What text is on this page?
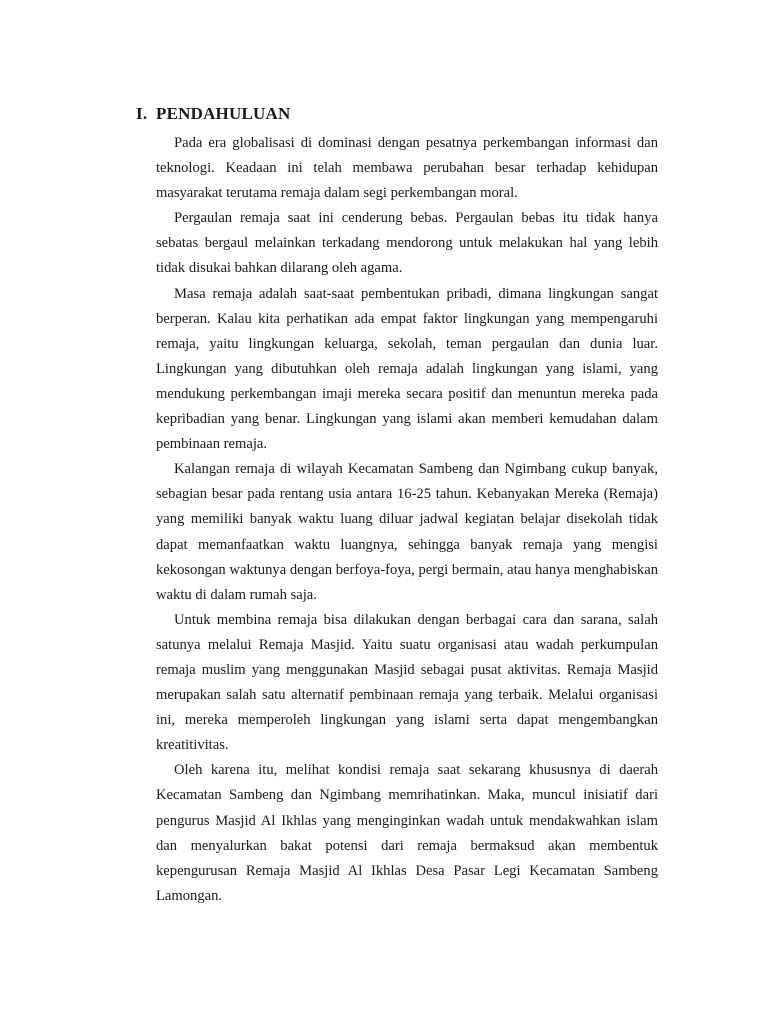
I. PENDAHULUAN

Pada era globalisasi di dominasi dengan pesatnya perkembangan informasi dan teknologi. Keadaan ini telah membawa perubahan besar terhadap kehidupan masyarakat terutama remaja dalam segi perkembangan moral.

Pergaulan remaja saat ini cenderung bebas. Pergaulan bebas itu tidak hanya sebatas bergaul melainkan terkadang mendorong untuk melakukan hal yang lebih tidak disukai bahkan dilarang oleh agama.

Masa remaja adalah saat-saat pembentukan pribadi, dimana lingkungan sangat berperan. Kalau kita perhatikan ada empat faktor lingkungan yang mempengaruhi remaja, yaitu lingkungan keluarga, sekolah, teman pergaulan dan dunia luar. Lingkungan yang dibutuhkan oleh remaja adalah lingkungan yang islami, yang mendukung perkembangan imaji mereka secara positif dan menuntun mereka pada kepribadian yang benar. Lingkungan yang islami akan memberi kemudahan dalam pembinaan remaja.

Kalangan remaja di wilayah Kecamatan Sambeng dan Ngimbang cukup banyak, sebagian besar pada rentang usia antara 16-25 tahun. Kebanyakan Mereka (Remaja) yang memiliki banyak waktu luang diluar jadwal kegiatan belajar disekolah tidak dapat memanfaatkan waktu luangnya, sehingga banyak remaja yang mengisi kekosongan waktunya dengan berfoya-foya, pergi bermain, atau hanya menghabiskan waktu di dalam rumah saja.

Untuk membina remaja bisa dilakukan dengan berbagai cara dan sarana, salah satunya melalui Remaja Masjid. Yaitu suatu organisasi atau wadah perkumpulan remaja muslim yang menggunakan Masjid sebagai pusat aktivitas. Remaja Masjid merupakan salah satu alternatif pembinaan remaja yang terbaik. Melalui organisasi ini, mereka memperoleh lingkungan yang islami serta dapat mengembangkan kreatitivitas.

Oleh karena itu, melihat kondisi remaja saat sekarang khususnya di daerah Kecamatan Sambeng dan Ngimbang memrihatinkan. Maka, muncul inisiatif dari pengurus Masjid Al Ikhlas yang menginginkan wadah untuk mendakwahkan islam dan menyalurkan bakat potensi dari remaja bermaksud akan membentuk kepengurusan Remaja Masjid Al Ikhlas Desa Pasar Legi Kecamatan Sambeng Lamongan.
